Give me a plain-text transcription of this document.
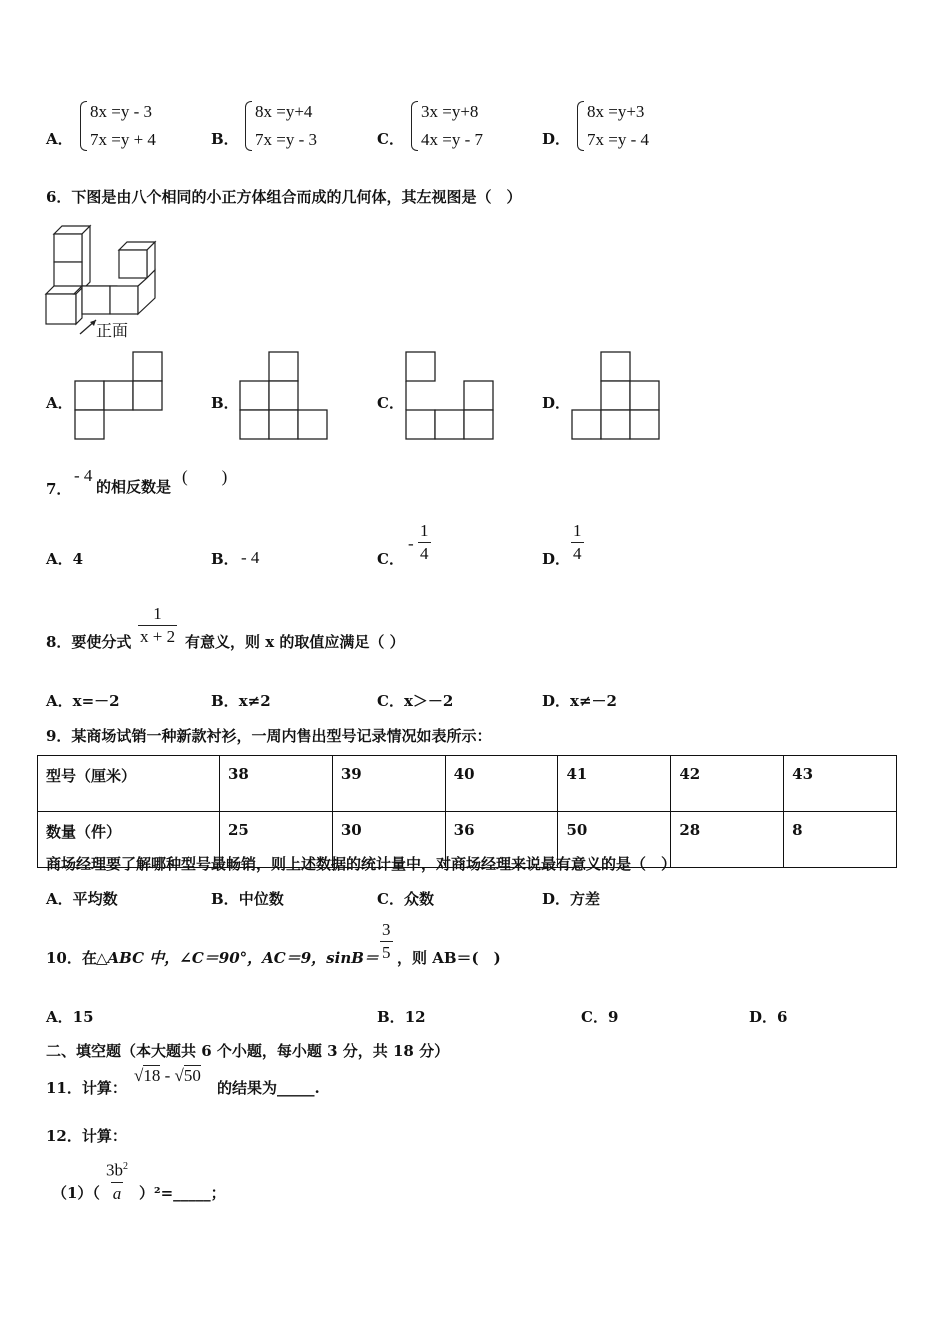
A．
8x =y - 3
7x =y + 4	B．
8x =y+4
7x =y - 3	C．
3x =y+8
4x =y - 7	D．
8x =y+3
7x =y - 4
6．下图是由八个相同的小正方体组合而成的几何体，其左视图是（　）
正面
A．	B．	C．	D．
7．
- 4
的相反数是
(　　)
A．4	B． - 4	C．
- $\frac{1}{4}$	D． $\frac{1}{4}$
8．要使分式 $\frac{1}{x + 2}$ 有意义，则 x 的取值应满足（ ）
A．x=－2	B．x≠2	C．x＞－2	D．x≠－2
9．某商场试销一种新款衬衫，一周内售出型号记录情况如表所示：
型号（厘米）	38	39	40	41	42	43
数量（件）	25	30	36	50	28	8
商场经理要了解哪种型号最畅销，则上述数据的统计量中，对商场经理来说最有意义的是（　）
A．平均数	B．中位数	C．众数	D．方差
10．在 △ABC 中，∠C＝90°，AC＝9，$\sin B= \frac{3}{5}$ ，则 AB＝(　)
A．15	B．12	C．9	D．6
二、填空题（本大题共 6 个小题，每小题 3 分，共 18 分）
11．计算：
√18 - √50
的结果为_____.
12．计算：
$(1)( \frac{3b^2}{a}$ ）²=_____；
